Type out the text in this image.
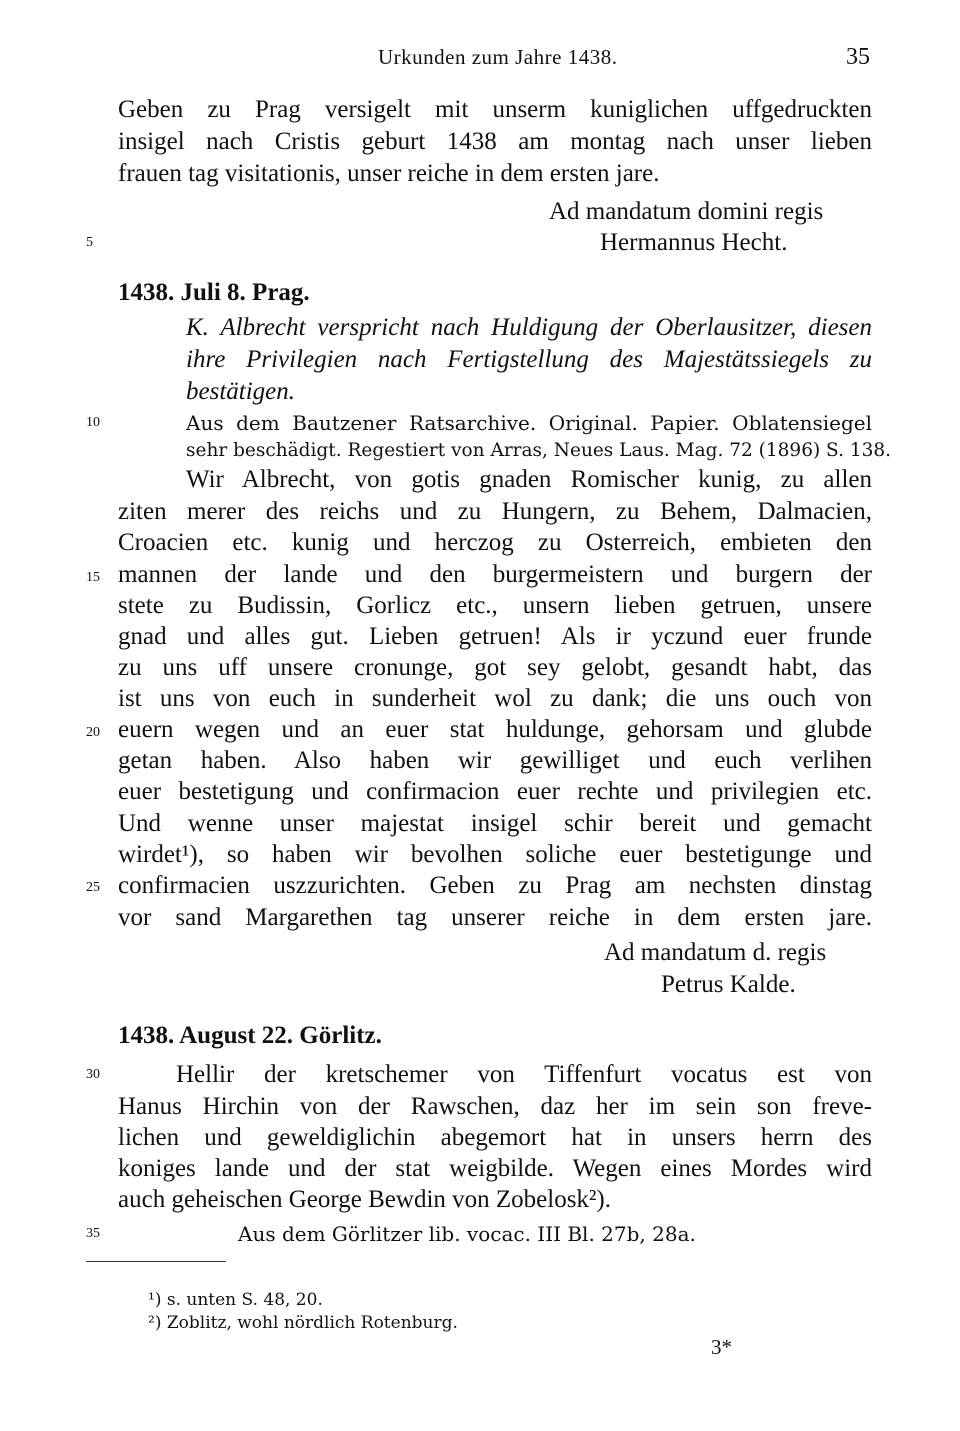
Urkunden zum Jahre 1438.	35
5
10
15
20
25
30
35
Geben zu Prag versigelt mit unserm kuniglichen uffgedruckten
insigel nach Cristis geburt 1438 am montag nach unser lieben
frauen tag visitationis, unser reiche in dem ersten jare.
Ad mandatum domini regis
Hermannus Hecht.
1438. Juli 8. Prag.
K. Albrecht verspricht nach Huldigung der Oberlausitzer, diesen
ihre Privilegien nach Fertigstellung des Majestätssiegels zu
bestätigen.
Aus dem Bautzener Ratsarchive. Original. Papier. Oblatensiegel
sehr beschädigt. Regestiert von Arras, Neues Laus. Mag. 72 (1896) S. 138.
Wir Albrecht, von gotis gnaden Romischer kunig, zu allen
ziten merer des reichs und zu Hungern, zu Behem, Dalmacien,
Croacien etc. kunig und herczog zu Osterreich, embieten den
mannen der lande und den burgermeistern und burgern der
stete zu Budissin, Gorlicz etc., unsern lieben getruen, unsere
gnad und alles gut. Lieben getruen! Als ir yczund euer frunde
zu uns uff unsere cronunge, got sey gelobt, gesandt habt, das
ist uns von euch in sunderheit wol zu dank; die uns ouch von
euern wegen und an euer stat huldunge, gehorsam und glubde
getan haben. Also haben wir gewilliget und euch verlihen
euer bestetigung und confirmacion euer rechte und privilegien etc.
Und wenne unser majestat insigel schir bereit und gemacht
wirdet¹), so haben wir bevolhen soliche euer bestetigunge und
confirmacien uszzurichten. Geben zu Prag am nechsten dinstag
vor sand Margarethen tag unserer reiche in dem ersten jare.
Ad mandatum d. regis
Petrus Kalde.
1438. August 22. Görlitz.
Hellir der kretschemer von Tiffenfurt vocatus est von
Hanus Hirchin von der Rawschen, daz her im sein son freve-
lichen und geweldiglichin abegemort hat in unsers herrn des
koniges lande und der stat weigbilde. Wegen eines Mordes wird
auch geheischen George Bewdin von Zobelosk²).
Aus dem Görlitzer lib. vocac. III Bl. 27b, 28a.
¹) s. unten S. 48, 20.
²) Zoblitz, wohl nördlich Rotenburg.
3*
